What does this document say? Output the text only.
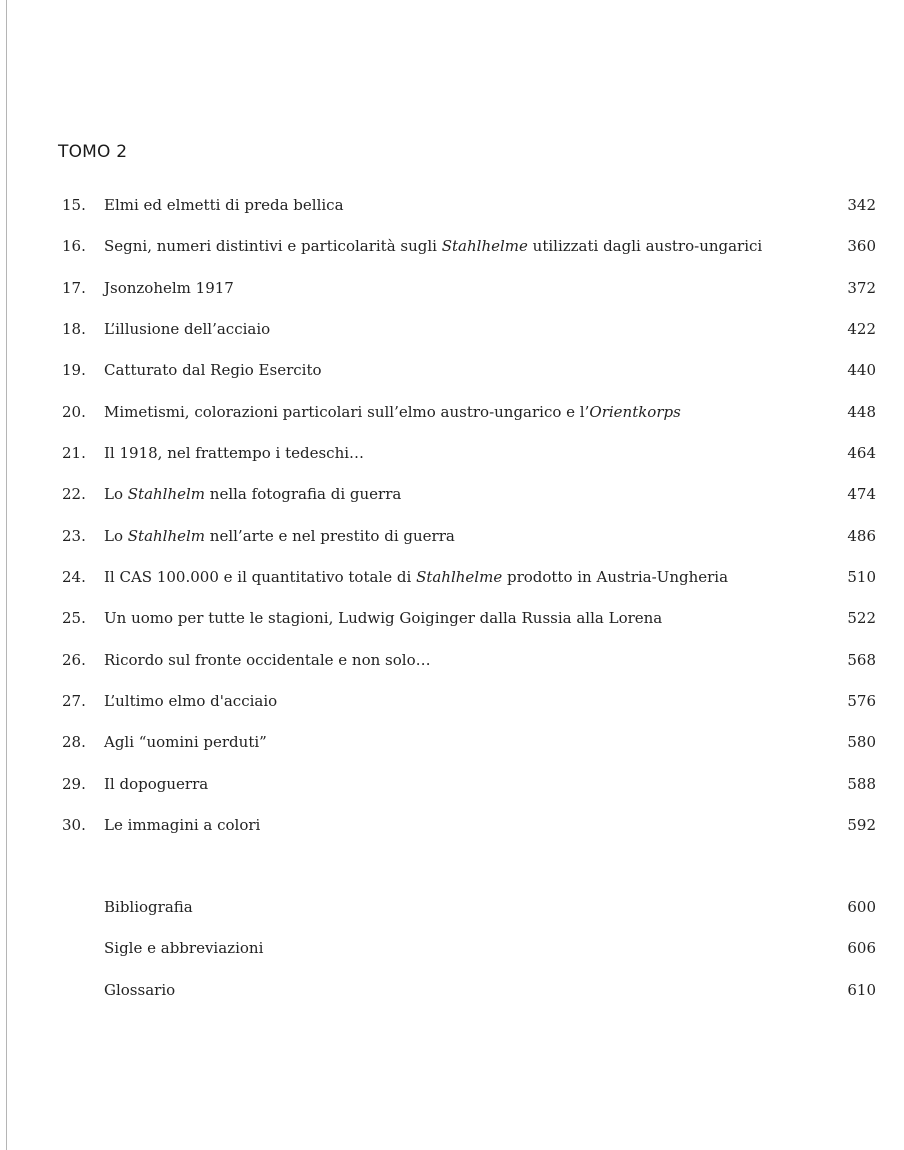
TOMO 2
15. Elmi ed elmetti di preda bellica	342
16. Segni, numeri distintivi e particolarità sugli Stahlhelme utilizzati dagli austro-ungarici	360
17. Jsonzohelm 1917	372
18. L’illusione dell’acciaio	422
19. Catturato dal Regio Esercito	440
20. Mimetismi, colorazioni particolari sull’elmo austro-ungarico e l’Orientkorps	448
21. Il 1918, nel frattempo i tedeschi…	464
22. Lo Stahlhelm nella fotografia di guerra	474
23. Lo Stahlhelm nell’arte e nel prestito di guerra	486
24. Il CAS 100.000 e il quantitativo totale di Stahlhelme prodotto in Austria-Ungheria	510
25. Un uomo per tutte le stagioni, Ludwig Goiginger dalla Russia alla Lorena	522
26. Ricordo sul fronte occidentale e non solo…	568
27. L’ultimo elmo d'acciaio	576
28. Agli “uomini perduti”	580
29. Il dopoguerra	588
30. Le immagini a colori	592
Bibliografia	600
Sigle e abbreviazioni	606
Glossario	610
